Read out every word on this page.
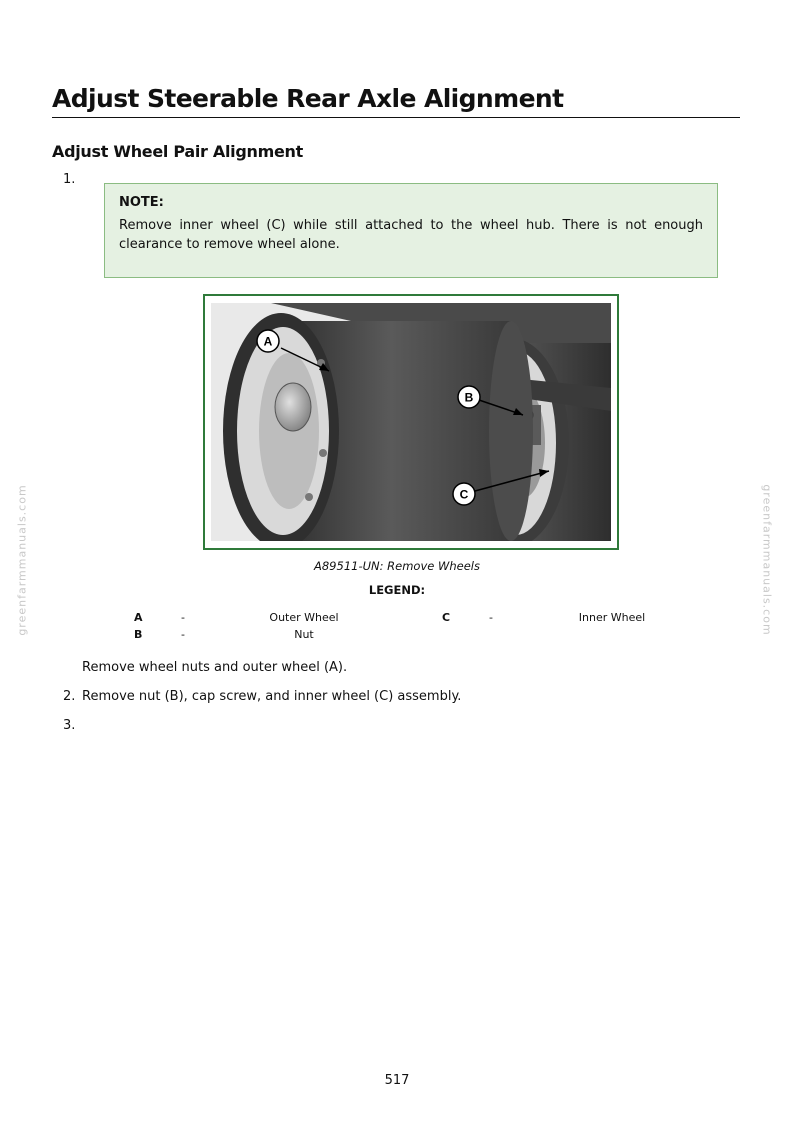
Adjust Steerable Rear Axle Alignment
Adjust Wheel Pair Alignment
1.
NOTE:
Remove inner wheel (C) while still attached to the wheel hub. There is not enough clearance to remove wheel alone.
A
B
C
A89511-UN: Remove Wheels
LEGEND:
A	-	Outer Wheel
B	-	Nut
C	-	Inner Wheel
Remove wheel nuts and outer wheel (A).
2. Remove nut (B), cap screw, and inner wheel (C) assembly.
3.
greenfarmmanuals.com	greenfarmmanuals.com
517
